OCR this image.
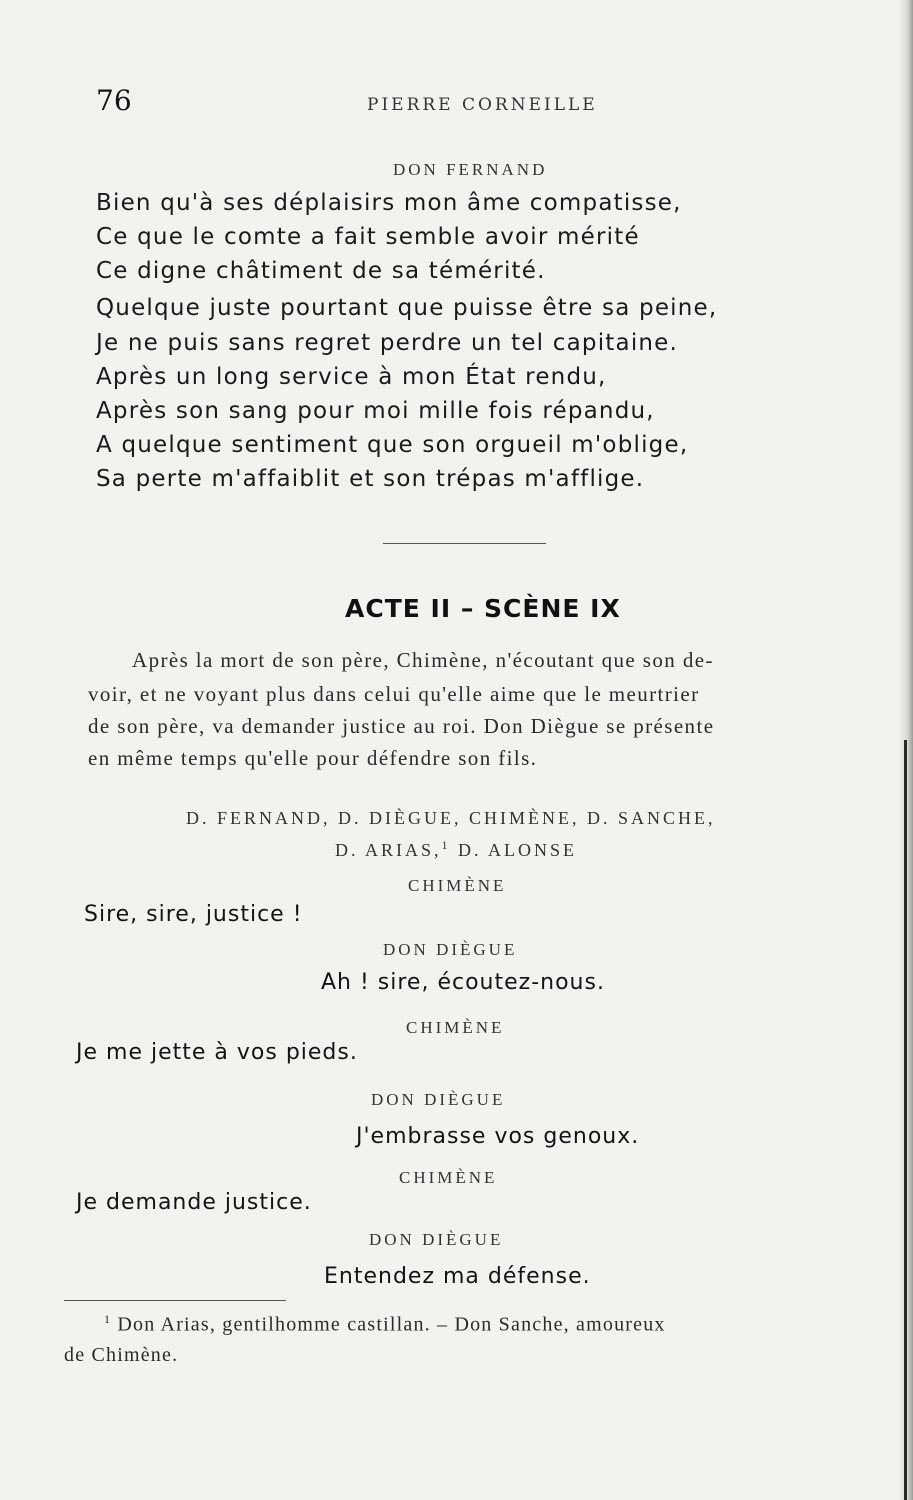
76	PIERRE CORNEILLE
DON FERNAND
Bien qu'à ses déplaisirs mon âme compatisse,
Ce que le comte a fait semble avoir mérité
Ce digne châtiment de sa témérité.
Quelque juste pourtant que puisse être sa peine,
Je ne puis sans regret perdre un tel capitaine.
Après un long service à mon État rendu,
Après son sang pour moi mille fois répandu,
A quelque sentiment que son orgueil m'oblige,
Sa perte m'affaiblit et son trépas m'afflige.
ACTE II – SCÈNE IX
Après la mort de son père, Chimène, n'écoutant que son de-
voir, et ne voyant plus dans celui qu'elle aime que le meurtrier
de son père, va demander justice au roi. Don Diègue se présente
en même temps qu'elle pour défendre son fils.
D. FERNAND, D. DIÈGUE, CHIMÈNE, D. SANCHE,
D. ARIAS,$^1$ D. ALONSE
CHIMÈNE
Sire, sire, justice !
DON DIÈGUE
Ah ! sire, écoutez-nous.
CHIMÈNE
Je me jette à vos pieds.
DON DIÈGUE
J'embrasse vos genoux.
CHIMÈNE
Je demande justice.
DON DIÈGUE
Entendez ma défense.
$^1$ Don Arias, gentilhomme castillan. – Don Sanche, amoureux
de Chimène.
